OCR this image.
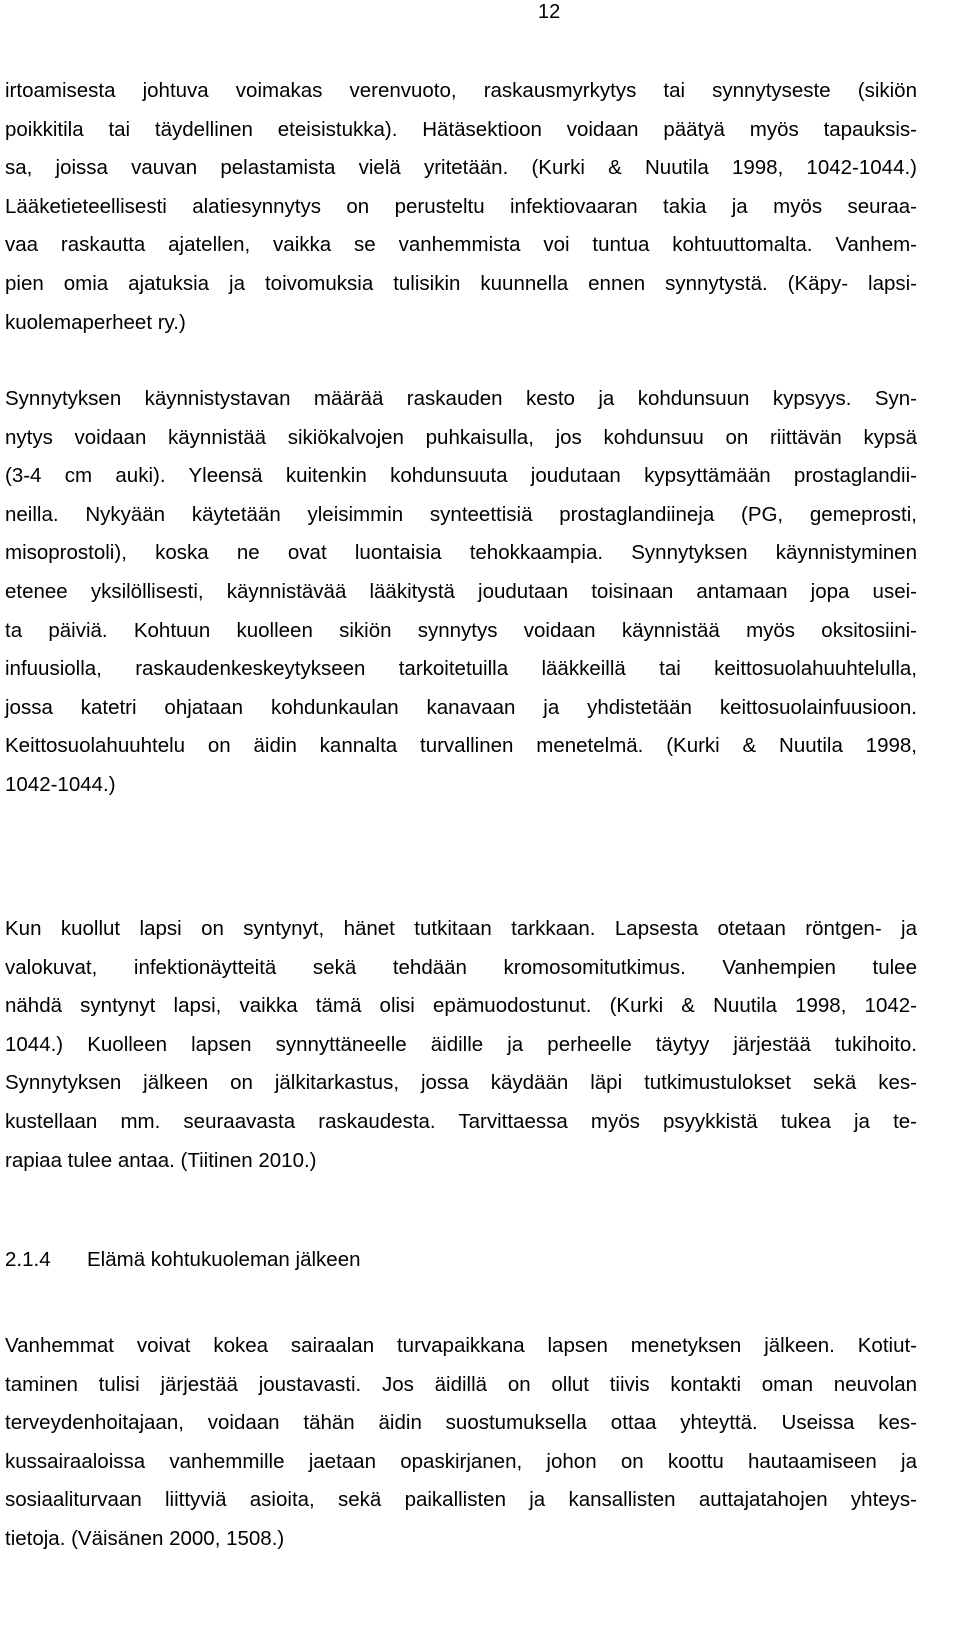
12
irtoamisesta johtuva voimakas verenvuoto, raskausmyrkytys tai synnytyseste (sikiön
poikkitila tai täydellinen eteisistukka). Hätäsektioon voidaan päätyä myös tapauksis-
sa, joissa vauvan pelastamista vielä yritetään. (Kurki & Nuutila 1998, 1042-1044.)
Lääketieteellisesti alatiesynnytys on perusteltu infektiovaaran takia ja myös seuraa-
vaa raskautta ajatellen, vaikka se vanhemmista voi tuntua kohtuuttomalta. Vanhem-
pien omia ajatuksia ja toivomuksia tulisikin kuunnella ennen synnytystä. (Käpy- lapsi-
kuolemaperheet ry.)
Synnytyksen käynnistystavan määrää raskauden kesto ja kohdunsuun kypsyys. Syn-
nytys voidaan käynnistää sikiökalvojen puhkaisulla, jos kohdunsuu on riittävän kypsä
(3-4 cm auki). Yleensä kuitenkin kohdunsuuta joudutaan kypsyttämään prostaglandii-
neilla. Nykyään käytetään yleisimmin synteettisiä prostaglandiineja (PG, gemeprosti,
misoprostoli), koska ne ovat luontaisia tehokkaampia. Synnytyksen käynnistyminen
etenee yksilöllisesti, käynnistävää lääkitystä joudutaan toisinaan antamaan jopa usei-
ta päiviä. Kohtuun kuolleen sikiön synnytys voidaan käynnistää myös oksitosiini-
infuusiolla, raskaudenkeskeytykseen tarkoitetuilla lääkkeillä tai keittosuolahuuhtelulla,
jossa katetri ohjataan kohdunkaulan kanavaan ja yhdistetään keittosuolainfuusioon.
Keittosuolahuuhtelu on äidin kannalta turvallinen menetelmä. (Kurki & Nuutila 1998,
1042-1044.)
Kun kuollut lapsi on syntynyt, hänet tutkitaan tarkkaan. Lapsesta otetaan röntgen- ja
valokuvat, infektionäytteitä sekä tehdään kromosomitutkimus. Vanhempien tulee
nähdä syntynyt lapsi, vaikka tämä olisi epämuodostunut. (Kurki & Nuutila 1998, 1042-
1044.) Kuolleen lapsen synnyttäneelle äidille ja perheelle täytyy järjestää tukihoito.
Synnytyksen jälkeen on jälkitarkastus, jossa käydään läpi tutkimustulokset sekä kes-
kustellaan mm. seuraavasta raskaudesta. Tarvittaessa myös psyykkistä tukea ja te-
rapiaa tulee antaa. (Tiitinen 2010.)
2.1.4 Elämä kohtukuoleman jälkeen
Vanhemmat voivat kokea sairaalan turvapaikkana lapsen menetyksen jälkeen. Kotiut-
taminen tulisi järjestää joustavasti. Jos äidillä on ollut tiivis kontakti oman neuvolan
terveydenhoitajaan, voidaan tähän äidin suostumuksella ottaa yhteyttä. Useissa kes-
kussairaaloissa vanhemmille jaetaan opaskirjanen, johon on koottu hautaamiseen ja
sosiaaliturvaan liittyviä asioita, sekä paikallisten ja kansallisten auttajatahojen yhteys-
tietoja. (Väisänen 2000, 1508.)
